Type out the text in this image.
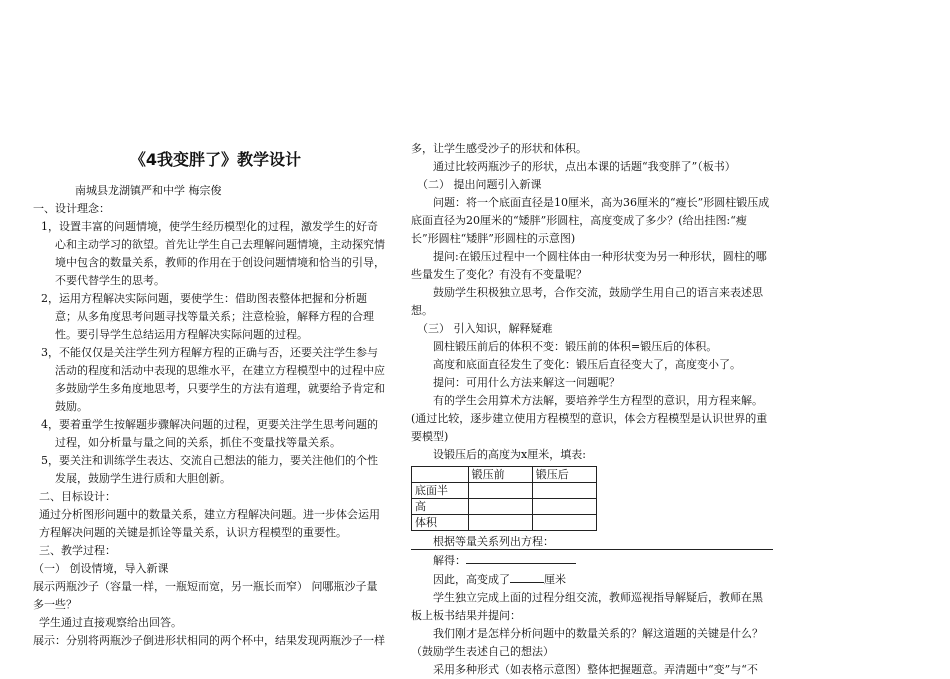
《4我变胖了》教学设计
南城县龙湖镇严和中学 梅宗俊
一、设计理念：
1，设置丰富的问题情境，使学生经历模型化的过程，激发学生的好奇心和主动学习的欲望。首先让学生自己去理解问题情境，主动探究情境中包含的数量关系，教师的作用在于创设问题情境和恰当的引导，不要代替学生的思考。
2，运用方程解决实际问题，要使学生：借助图表整体把握和分析题意；从多角度思考问题寻找等量关系；注意检验，解释方程的合理性。要引导学生总结运用方程解决实际问题的过程。
3，不能仅仅是关注学生列方程解方程的正确与否，还要关注学生参与活动的程度和活动中表现的思维水平，在建立方程模型中的过程中应多鼓励学生多角度地思考，只要学生的方法有道理，就要给予肯定和鼓励。
4，要着重学生按解题步骤解决问题的过程，更要关注学生思考问题的过程，如分析量与量之间的关系，抓住不变量找等量关系。
5，要关注和训练学生表达、交流自己想法的能力，要关注他们的个性发展，鼓励学生进行质和大胆创新。
二、目标设计：
通过分析图形问题中的数量关系，建立方程解决问题。进一步体会运用方程解决问题的关键是抓诠等量关系，认识方程模型的重要性。
三、教学过程：
（一） 创设情境，导入新课
展示两瓶沙子（容量一样，一瓶短而宽，另一瓶长而窄） 问哪瓶沙子量多一些？
学生通过直接观察给出回答。
展示：分别将两瓶沙子倒进形状相同的两个杯中，结果发现两瓶沙子一样
多，让学生感受沙子的形状和体积。
通过比较两瓶沙子的形状，点出本课的话题“我变胖了”（板书）
（二） 提出问题引入新课
问题：将一个底面直径是10厘米，高为36厘米的“瘦长”形圆柱锻压成底面直径为20厘米的“矮胖”形圆柱，高度变成了多少？(给出挂图:“瘦长”形圆柱“矮胖”形圆柱的示意图)
提问:在锻压过程中一个圆柱体由一种形状变为另一种形状，圆柱的哪些量发生了变化？有没有不变量呢？
鼓励学生积极独立思考，合作交流，鼓励学生用自己的语言来表述思想。
（三） 引入知识，解释疑难
圆柱锻压前后的体积不变：锻压前的体积=锻压后的体积。
高度和底面直径发生了变化：锻压后直径变大了，高度变小了。
提问：可用什么方法来解这一问题呢？
有的学生会用算术方法解，要培养学生方程型的意识，用方程来解。(通过比较，逐步建立使用方程模型的意识，体会方程模型是认识世界的重要模型)
设锻压后的高度为x厘米，填表:
	锻压前	锻压后
底面半		
高		
体积		
根据等量关系列出方程：
解得：
因此，高变成了	厘米
学生独立完成上面的过程分组交流，教师巡视指导解疑后，教师在黑板上板书结果并提问：
我们刚才是怎样分析问题中的数量关系的？解这道题的关键是什么？
（鼓励学生表述自己的想法）
采用多种形式（如表格示意图）整体把握题意。弄清题中“变”与“不
